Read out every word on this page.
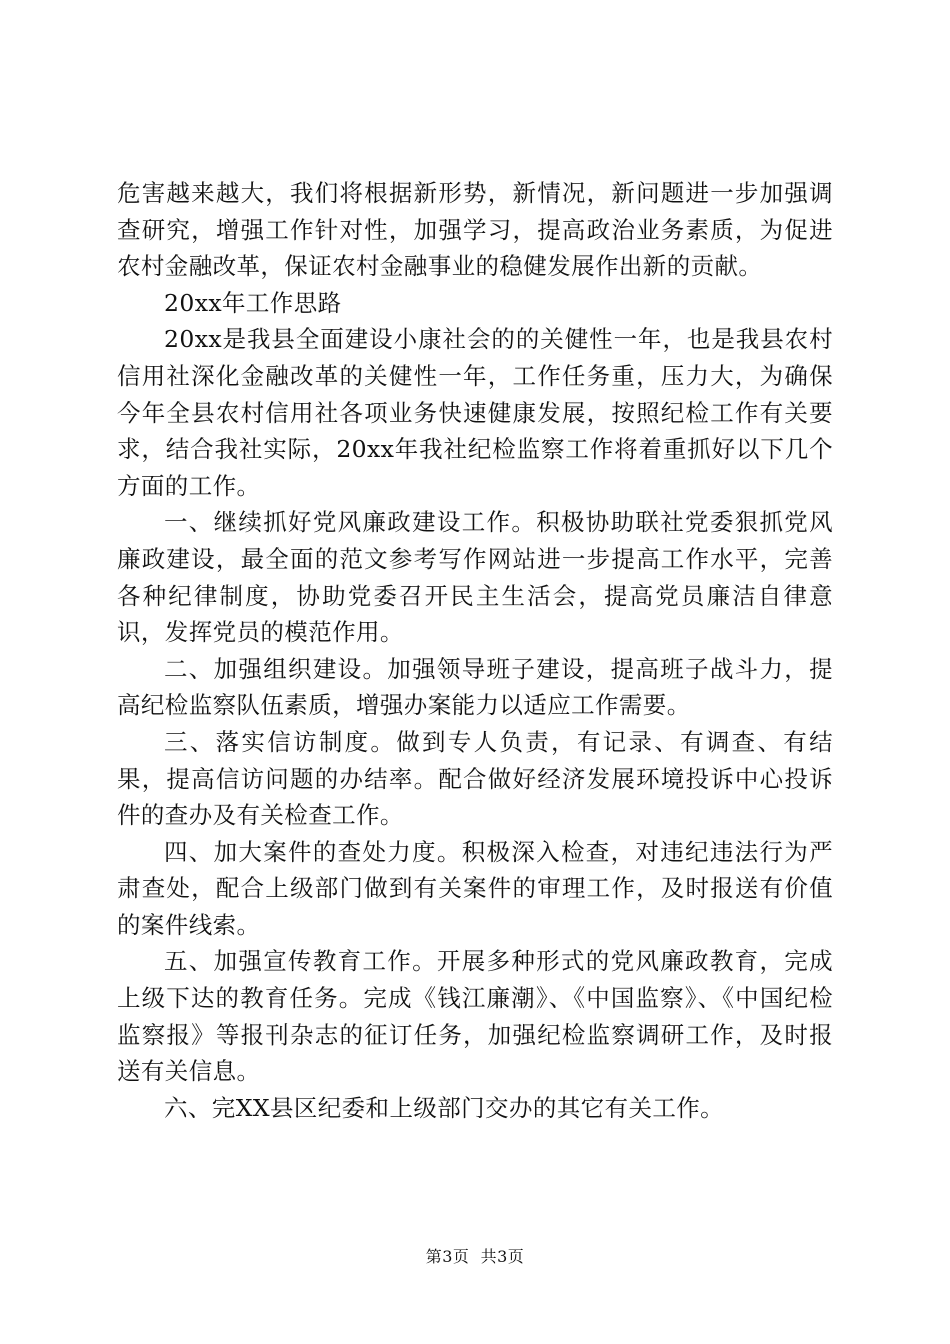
危害越来越大，我们将根据新形势，新情况，新问题进一步加强调查研究，增强工作针对性，加强学习，提高政治业务素质，为促进农村金融改革，保证农村金融事业的稳健发展作出新的贡献。

20xx年工作思路

20xx是我县全面建设小康社会的的关健性一年，也是我县农村信用社深化金融改革的关健性一年，工作任务重，压力大，为确保今年全县农村信用社各项业务快速健康发展，按照纪检工作有关要求，结合我社实际，20xx年我社纪检监察工作将着重抓好以下几个方面的工作。

一、继续抓好党风廉政建设工作。积极协助联社党委狠抓党风廉政建设，最全面的范文参考写作网站进一步提高工作水平，完善各种纪律制度，协助党委召开民主生活会，提高党员廉洁自律意识，发挥党员的模范作用。

二、加强组织建设。加强领导班子建设，提高班子战斗力，提高纪检监察队伍素质，增强办案能力以适应工作需要。

三、落实信访制度。做到专人负责，有记录、有调查、有结果，提高信访问题的办结率。配合做好经济发展环境投诉中心投诉件的查办及有关检查工作。

四、加大案件的查处力度。积极深入检查，对违纪违法行为严肃查处，配合上级部门做到有关案件的审理工作，及时报送有价值的案件线索。

五、加强宣传教育工作。开展多种形式的党风廉政教育，完成上级下达的教育任务。完成《钱江廉潮》、《中国监察》、《中国纪检监察报》等报刊杂志的征订任务，加强纪检监察调研工作，及时报送有关信息。

六、完XX县区纪委和上级部门交办的其它有关工作。

第3页 共3页
